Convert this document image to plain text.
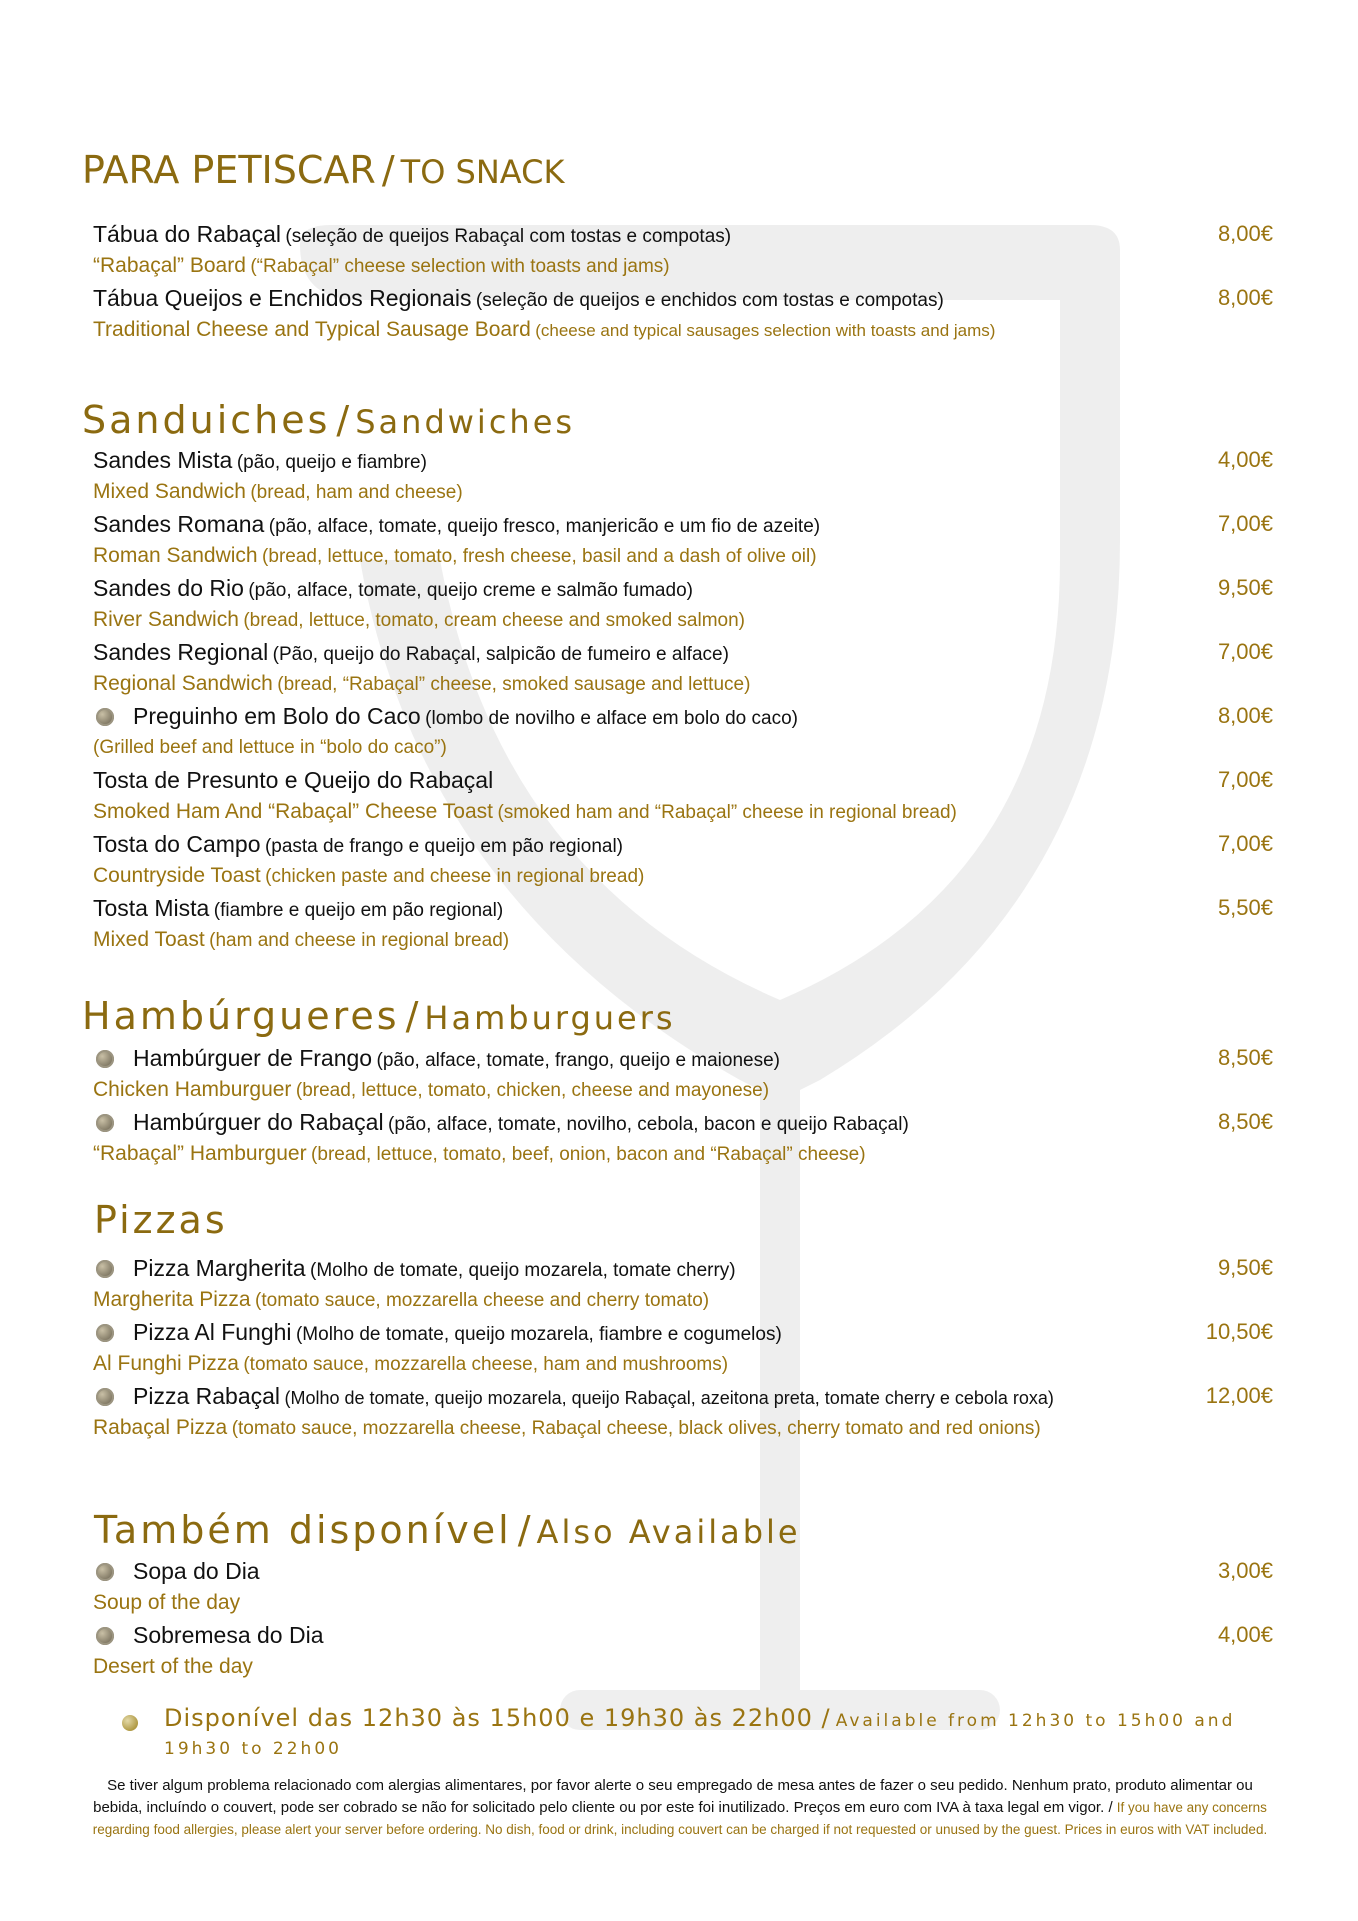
PARA PETISCAR / TO SNACK
Tábua do Rabaçal (seleção de queijos Rabaçal com tostas e compotas)
“Rabaçal” Board (“Rabaçal” cheese selection with toasts and jams)
8,00€
Tábua Queijos e Enchidos Regionais (seleção de queijos e enchidos com tostas e compotas)
Traditional Cheese and Typical Sausage Board (cheese and typical sausages selection with toasts and jams)
8,00€
Sanduiches / Sandwiches
Sandes Mista (pão, queijo e fiambre)
Mixed Sandwich (bread, ham and cheese)
4,00€
Sandes Romana (pão, alface, tomate, queijo fresco, manjericão e um fio de azeite)
Roman Sandwich (bread, lettuce, tomato, fresh cheese, basil and a dash of olive oil)
7,00€
Sandes do Rio (pão, alface, tomate, queijo creme e salmão fumado)
River Sandwich (bread, lettuce, tomato, cream cheese and smoked salmon)
9,50€
Sandes Regional (Pão, queijo do Rabaçal, salpicão de fumeiro e alface)
Regional Sandwich (bread, “Rabaçal” cheese, smoked sausage and lettuce)
7,00€
Preguinho em Bolo do Caco (lombo de novilho e alface em bolo do caco)
(Grilled beef and lettuce in “bolo do caco”)
8,00€
Tosta de Presunto e Queijo do Rabaçal
Smoked Ham And “Rabaçal” Cheese Toast (smoked ham and “Rabaçal” cheese in regional bread)
7,00€
Tosta do Campo (pasta de frango e queijo em pão regional)
Countryside Toast (chicken paste and cheese in regional bread)
7,00€
Tosta Mista (fiambre e queijo em pão regional)
Mixed Toast (ham and cheese in regional bread)
5,50€
Hambúrgueres / Hamburguers
Hambúrguer de Frango (pão, alface, tomate, frango, queijo e maionese)
Chicken Hamburguer (bread, lettuce, tomato, chicken, cheese and mayonese)
8,50€
Hambúrguer do Rabaçal (pão, alface, tomate, novilho, cebola, bacon e queijo Rabaçal)
“Rabaçal” Hamburguer (bread, lettuce, tomato, beef, onion, bacon and “Rabaçal” cheese)
8,50€
Pizzas
Pizza Margherita (Molho de tomate, queijo mozarela, tomate cherry)
Margherita Pizza (tomato sauce, mozzarella cheese and cherry tomato)
9,50€
Pizza Al Funghi (Molho de tomate, queijo mozarela, fiambre e cogumelos)
Al Funghi Pizza (tomato sauce, mozzarella cheese, ham and mushrooms)
10,50€
Pizza Rabaçal (Molho de tomate, queijo mozarela, queijo Rabaçal, azeitona preta, tomate cherry e cebola roxa)
Rabaçal Pizza (tomato sauce, mozzarella cheese, Rabaçal cheese, black olives, cherry tomato and red onions)
12,00€
Também disponível / Also Available
Sopa do Dia
Soup of the day
3,00€
Sobremesa do Dia
Desert of the day
4,00€
Disponível das 12h30 às 15h00 e 19h30 às 22h00 / Available from 12h30 to 15h00 and 19h30 to 22h00
Se tiver algum problema relacionado com alergias alimentares, por favor alerte o seu empregado de mesa antes de fazer o seu pedido. Nenhum prato, produto alimentar ou bebida, incluíndo o couvert, pode ser cobrado se não for solicitado pelo cliente ou por este foi inutilizado. Preços em euro com IVA à taxa legal em vigor. / If you have any concerns regarding food allergies, please alert your server before ordering. No dish, food or drink, including couvert can be charged if not requested or unused by the guest. Prices in euros with VAT included.
